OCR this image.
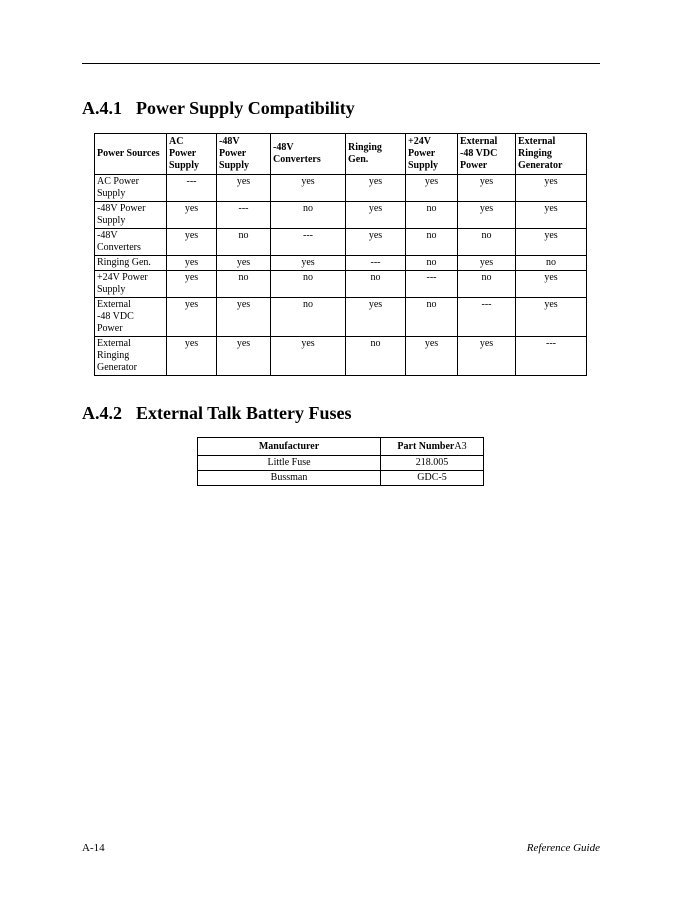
A.4.1 Power Supply Compatibility
Power Sources	AC
Power
Supply	-48V
Power
Supply	-48V
Converters	Ringing
Gen.	+24V
Power
Supply	External
-48 VDC
Power	External
Ringing
Generator
AC Power
Supply	---	yes	yes	yes	yes	yes	yes
-48V Power
Supply	yes	---	no	yes	no	yes	yes
-48V
Converters	yes	no	---	yes	no	no	yes
Ringing Gen.	yes	yes	yes	---	no	yes	no
+24V Power
Supply	yes	no	no	no	---	no	yes
External
-48 VDC
Power	yes	yes	no	yes	no	---	yes
External
Ringing
Generator	yes	yes	yes	no	yes	yes	---
A.4.2 External Talk Battery Fuses
Manufacturer	Part NumberA3
Little Fuse	218.005
Bussman	GDC-5
A-14	Reference Guide
